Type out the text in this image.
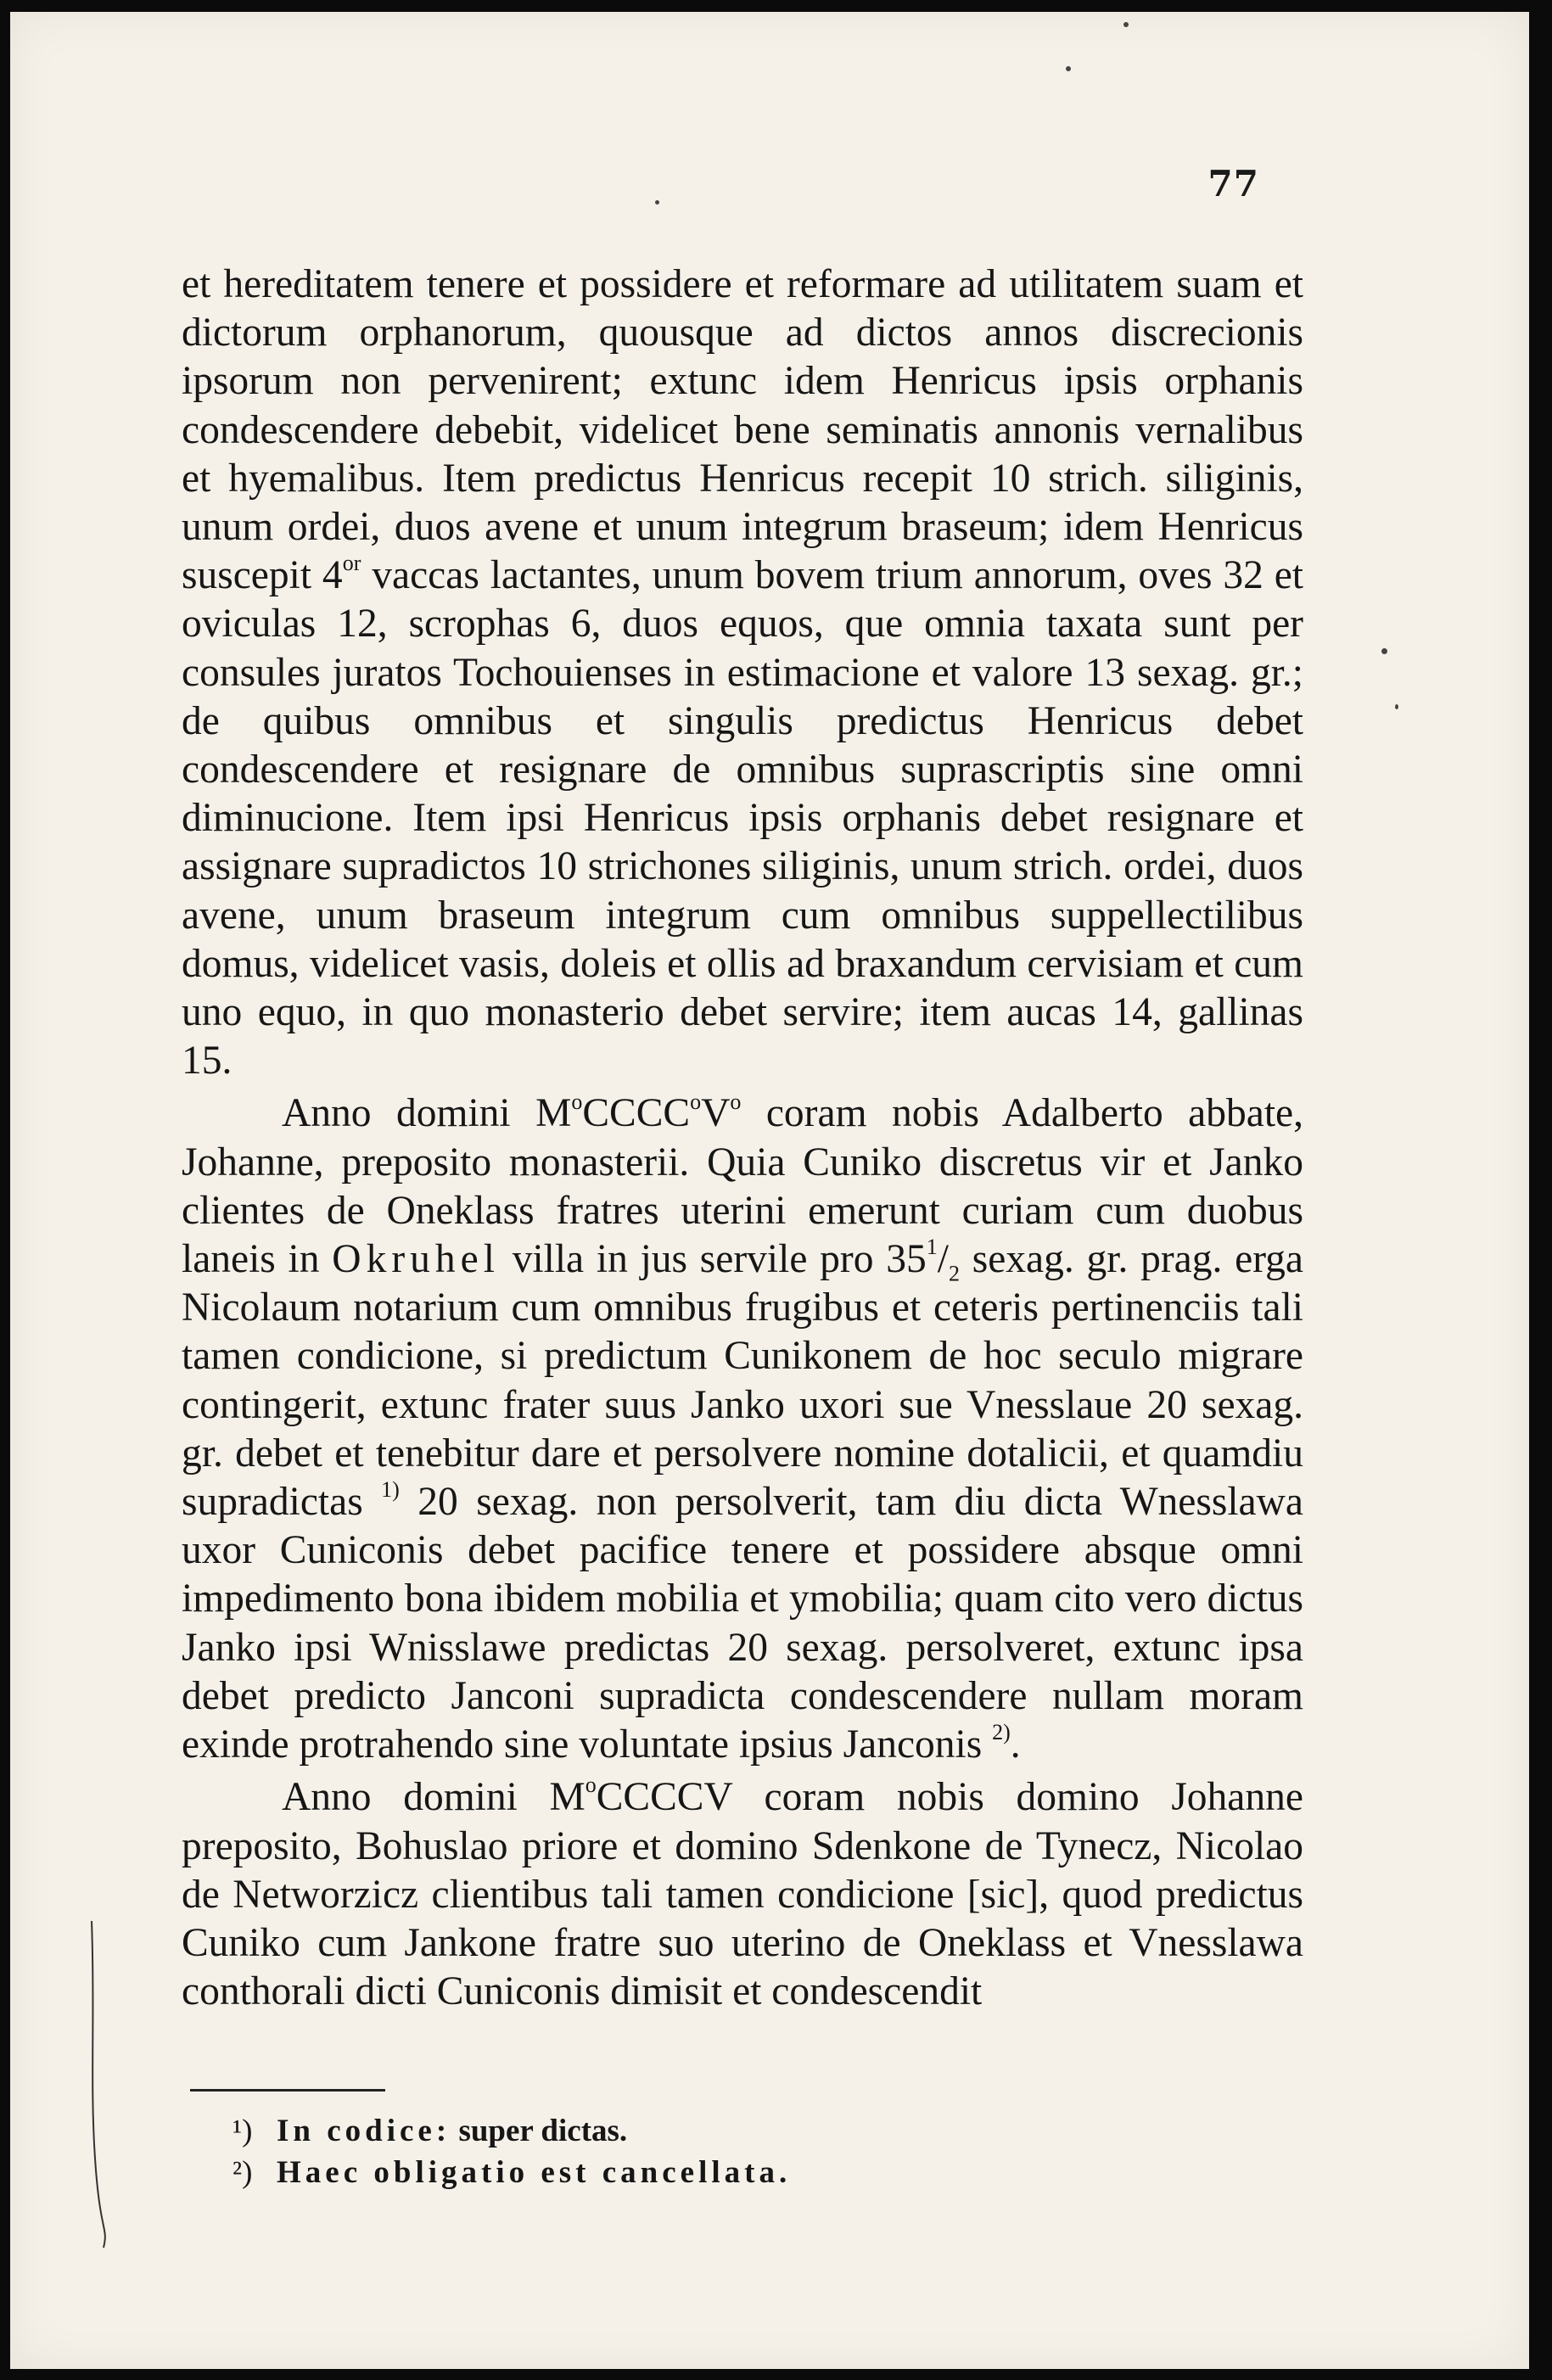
77

et hereditatem tenere et possidere et reformare ad utilitatem suam et dictorum orphanorum, quousque ad dictos annos discrecionis ipsorum non pervenirent; extunc idem Henricus ipsis orphanis condescendere debebit, videlicet bene seminatis annonis vernalibus et hyemalibus. Item predictus Henricus recepit 10 strich. siliginis, unum ordei, duos avene et unum integrum braseum; idem Henricus suscepit $4^{or}$ vaccas lactantes, unum bovem trium annorum, oves 32 et oviculas 12, scrophas 6, duos equos, que omnia taxata sunt per consules juratos Tochouienses in estimacione et valore 13 sexag. gr.; de quibus omnibus et singulis predictus Henricus debet condescendere et resignare de omnibus suprascriptis sine omni diminucione. Item ipsi Henricus ipsis orphanis debet resignare et assignare supradictos 10 strichones siliginis, unum strich. ordei, duos avene, unum braseum integrum cum omnibus suppellectilibus domus, videlicet vasis, doleis et ollis ad braxandum cervisiam et cum uno equo, in quo monasterio debet servire; item aucas 14, gallinas 15.

Anno domini $M^oCCCC^oV^o$ coram nobis Adalberto abbate, Johanne, preposito monasterii. Quia Cuniko discretus vir et Janko clientes de Oneklass fratres uterini emerunt curiam cum duobus laneis in Okruhel villa in jus servile pro $35^1/_2$ sexag. gr. prag. erga Nicolaum notarium cum omnibus frugibus et ceteris pertinenciis tali tamen condicione, si predictum Cunikonem de hoc seculo migrare contingerit, extunc frater suus Janko uxori sue Vnesslaue 20 sexag. gr. debet et tenebitur dare et persolvere nomine dotalicii, et quamdiu supradictas $^{1)}$ 20 sexag. non persolverit, tam diu dicta Wnesslawa uxor Cuniconis debet pacifice tenere et possidere absque omni impedimento bona ibidem mobilia et ymobilia; quam cito vero dictus Janko ipsi Wnisslawe predictas 20 sexag. persolveret, extunc ipsa debet predicto Janconi supradicta condescendere nullam moram exinde protrahendo sine voluntate ipsius Janconis $^{2)}$.

Anno domini $M^oCCCCV$ coram nobis domino Johanne preposito, Bohuslao priore et domino Sdenkone de Tynecz, Nicolao de Networzicz clientibus tali tamen condicione [sic], quod predictus Cuniko cum Jankone fratre suo uterino de Oneklass et Vnesslawa conthorali dicti Cuniconis dimisit et condescendit

¹) In codice: super dictas.
²) Haec obligatio est cancellata.
